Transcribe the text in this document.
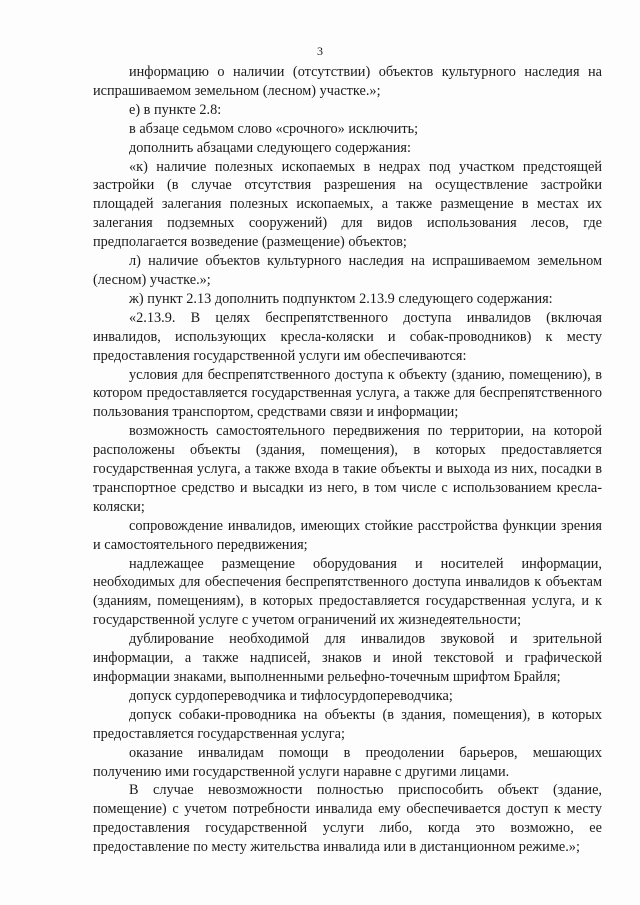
3

информацию о наличии (отсутствии) объектов культурного наследия на испрашиваемом земельном (лесном) участке.»;

е) в пункте 2.8:

в абзаце седьмом слово «срочного» исключить;

дополнить абзацами следующего содержания:

«к) наличие полезных ископаемых в недрах под участком предстоящей застройки (в случае отсутствия разрешения на осуществление застройки площадей залегания полезных ископаемых, а также размещение в местах их залегания подземных сооружений) для видов использования лесов, где предполагается возведение (размещение) объектов;

л) наличие объектов культурного наследия на испрашиваемом земельном (лесном) участке.»;

ж) пункт 2.13 дополнить подпунктом 2.13.9 следующего содержания:

«2.13.9. В целях беспрепятственного доступа инвалидов (включая инвалидов, использующих кресла-коляски и собак-проводников) к месту предоставления государственной услуги им обеспечиваются:

условия для беспрепятственного доступа к объекту (зданию, помещению), в котором предоставляется государственная услуга, а также для беспрепятственного пользования транспортом, средствами связи и информации;

возможность самостоятельного передвижения по территории, на которой расположены объекты (здания, помещения), в которых предоставляется государственная услуга, а также входа в такие объекты и выхода из них, посадки в транспортное средство и высадки из него, в том числе с использованием кресла-коляски;

сопровождение инвалидов, имеющих стойкие расстройства функции зрения и самостоятельного передвижения;

надлежащее размещение оборудования и носителей информации, необходимых для обеспечения беспрепятственного доступа инвалидов к объектам (зданиям, помещениям), в которых предоставляется государственная услуга, и к государственной услуге с учетом ограничений их жизнедеятельности;

дублирование необходимой для инвалидов звуковой и зрительной информации, а также надписей, знаков и иной текстовой и графической информации знаками, выполненными рельефно-точечным шрифтом Брайля;

допуск сурдопереводчика и тифлосурдопереводчика;

допуск собаки-проводника на объекты (в здания, помещения), в которых предоставляется государственная услуга;

оказание инвалидам помощи в преодолении барьеров, мешающих получению ими государственной услуги наравне с другими лицами.

В случае невозможности полностью приспособить объект (здание, помещение) с учетом потребности инвалида ему обеспечивается доступ к месту предоставления государственной услуги либо, когда это возможно, ее предоставление по месту жительства инвалида или в дистанционном режиме.»;
